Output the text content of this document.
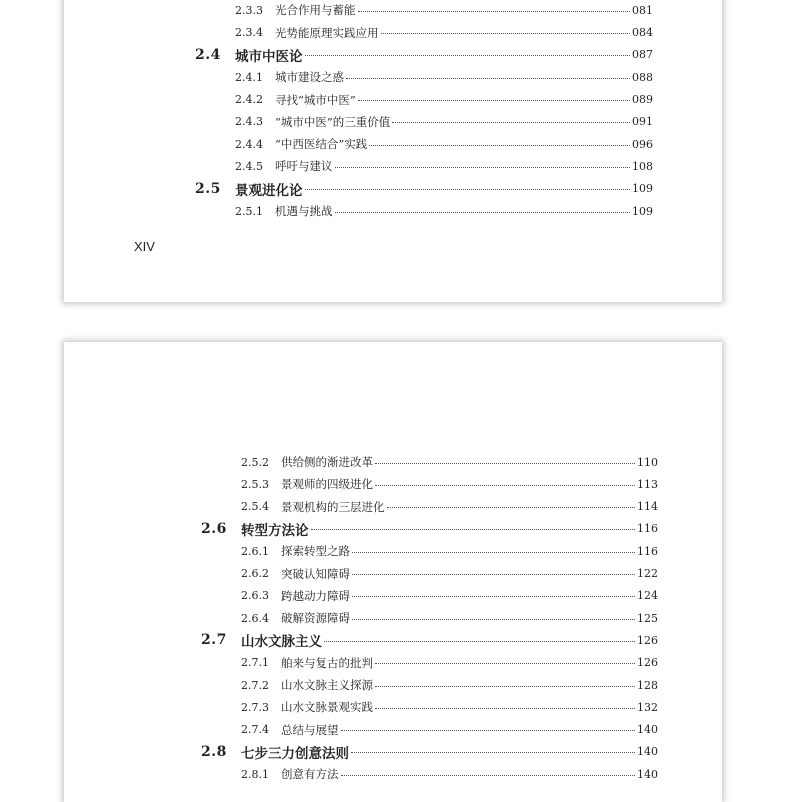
2.3.3	光合作用与蓄能	081
2.3.4	光势能原理实践应用	084
2.4	城市中医论	087
2.4.1	城市建设之惑	088
2.4.2	寻找“城市中医”	089
2.4.3	“城市中医”的三重价值	091
2.4.4	“中西医结合”实践	096
2.4.5	呼吁与建议	108
2.5	景观进化论	109
2.5.1	机遇与挑战	109
XIV
2.5.2	供给侧的渐进改革	110
2.5.3	景观师的四级进化	113
2.5.4	景观机构的三层进化	114
2.6	转型方法论	116
2.6.1	探索转型之路	116
2.6.2	突破认知障碍	122
2.6.3	跨越动力障碍	124
2.6.4	破解资源障碍	125
2.7	山水文脉主义	126
2.7.1	舶来与复古的批判	126
2.7.2	山水文脉主义探源	128
2.7.3	山水文脉景观实践	132
2.7.4	总结与展望	140
2.8	七步三力创意法则	140
2.8.1	创意有方法	140
